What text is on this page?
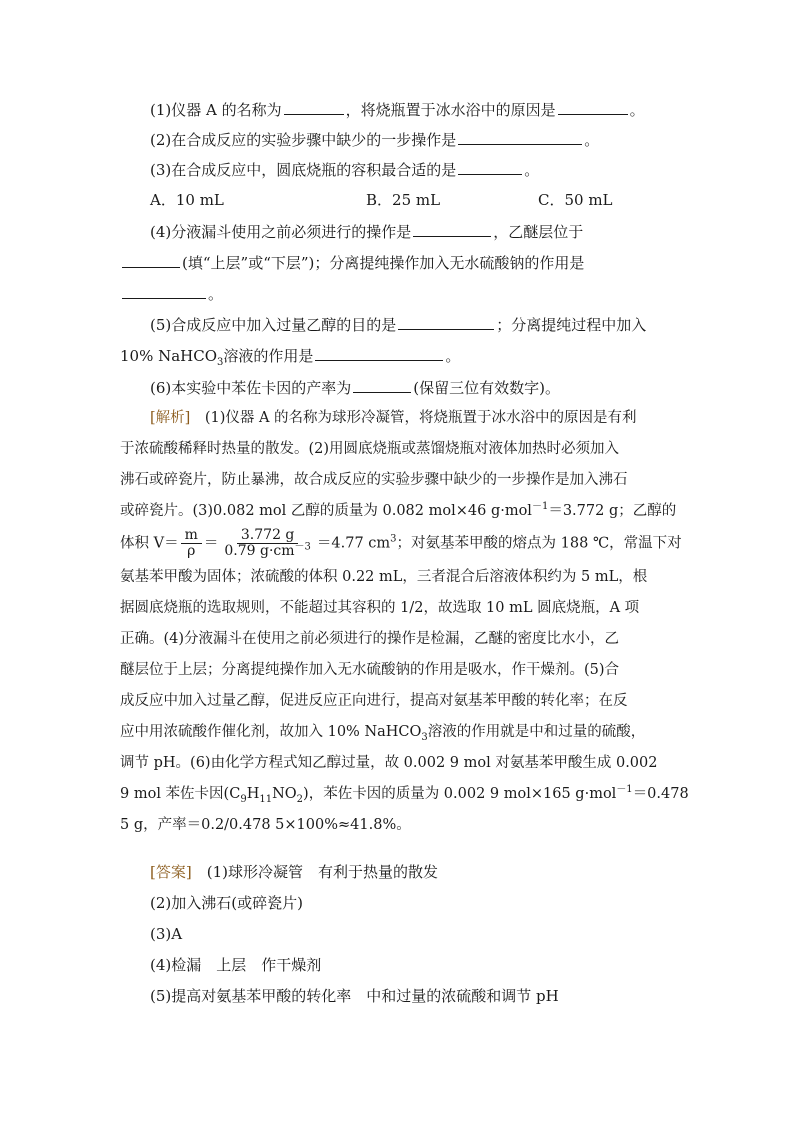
(1)仪器 A 的名称为	，将烧瓶置于冰水浴中的原因是	。
(2)在合成反应的实验步骤中缺少的一步操作是	。
(3)在合成反应中，圆底烧瓶的容积最合适的是	。
A．10 mL	B．25 mL	C．50 mL
(4)分液漏斗使用之前必须进行的操作是	，乙醚层位于
(填“上层”或“下层”)；分离提纯操作加入无水硫酸钠的作用是
。
(5)合成反应中加入过量乙醇的目的是	；分离提纯过程中加入
10% NaHCO$_3$溶液的作用是	。
(6)本实验中苯佐卡因的产率为	(保留三位有效数字)。
[解析]  (1)仪器 A 的名称为球形冷凝管，将烧瓶置于冰水浴中的原因是有利
于浓硫酸稀释时热量的散发。(2)用圆底烧瓶或蒸馏烧瓶对液体加热时必须加入
沸石或碎瓷片，防止暴沸，故合成反应的实验步骤中缺少的一步操作是加入沸石
或碎瓷片。(3)0.082 mol 乙醇的质量为 0.082 mol×46 g·mol$^{-1}$＝3.772 g；乙醇的
体积 $V= \frac{m}{\rho} = \frac{3.772 g}{0.79 g\cdot cm^{-3}} =4.77$ $cm^3$；对氨基苯甲酸的熔点为 188 ℃，常温下对
氨基苯甲酸为固体；浓硫酸的体积 0.22 mL，三者混合后溶液体积约为 5 mL，根
据圆底烧瓶的选取规则，不能超过其容积的 1/2，故选取 10 mL 圆底烧瓶，A 项
正确。(4)分液漏斗在使用之前必须进行的操作是检漏，乙醚的密度比水小，乙
醚层位于上层；分离提纯操作加入无水硫酸钠的作用是吸水，作干燥剂。(5)合
成反应中加入过量乙醇，促进反应正向进行，提高对氨基苯甲酸的转化率；在反
应中用浓硫酸作催化剂，故加入 10% NaHCO$_3$溶液的作用就是中和过量的硫酸，
调节 pH。(6)由化学方程式知乙醇过量，故 0.002 9 mol 对氨基苯甲酸生成 0.002
9 mol 苯佐卡因$(C_9H_{11}NO_2)$，苯佐卡因的质量为 0.002 9 mol×165 g·mol$^{-1}$＝0.478
5 g，产率＝0.2/0.478 5×100%≈41.8%。
[答案]  (1)球形冷凝管　有利于热量的散发
(2)加入沸石(或碎瓷片)
(3)A
(4)检漏　上层　作干燥剂
(5)提高对氨基苯甲酸的转化率　中和过量的浓硫酸和调节 pH
